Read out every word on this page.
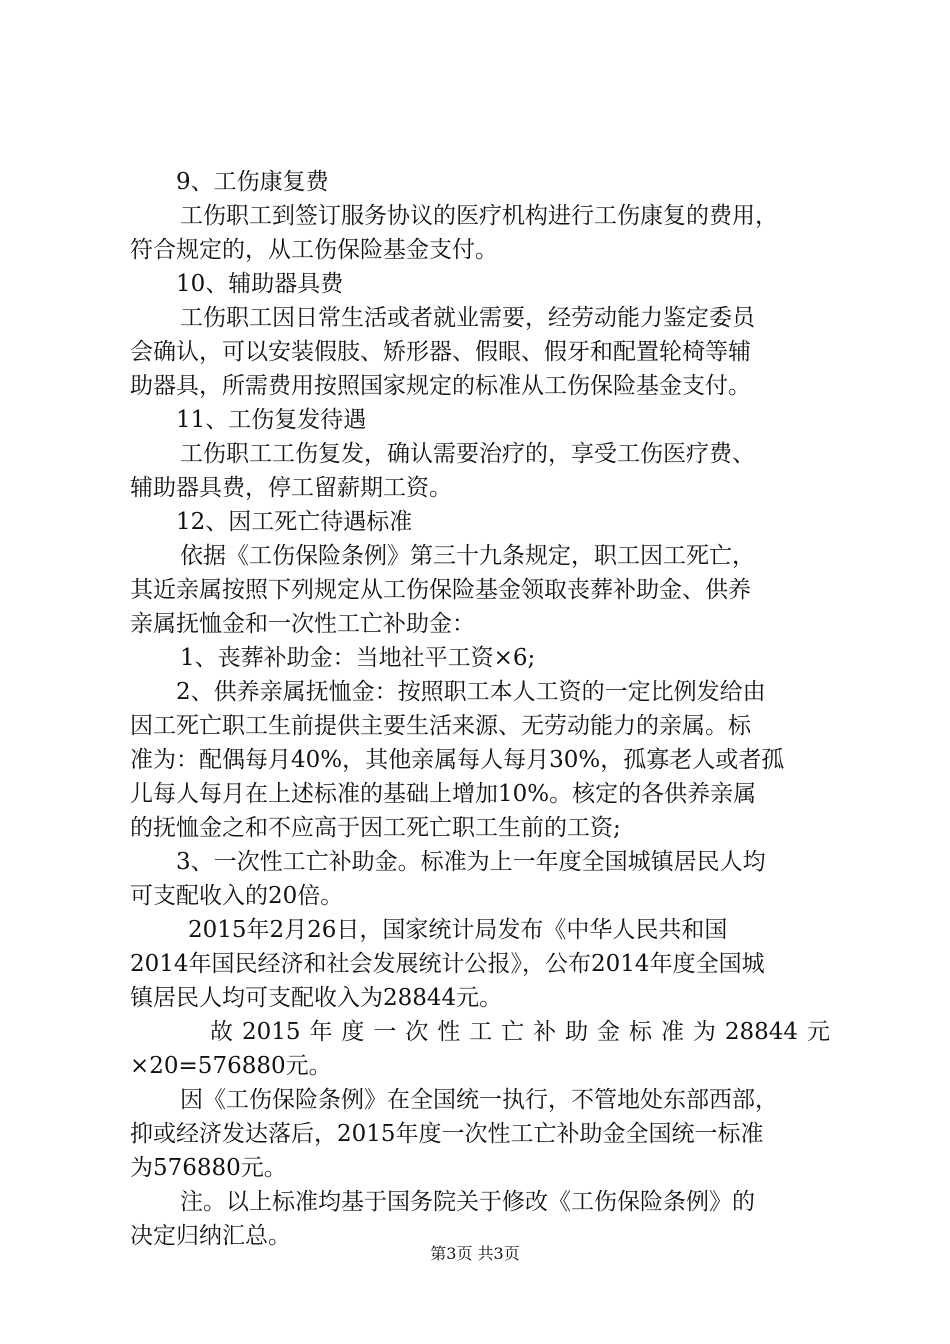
9、工伤康复费
工伤职工到签订服务协议的医疗机构进行工伤康复的费用，
符合规定的，从工伤保险基金支付。
10、辅助器具费
工伤职工因日常生活或者就业需要，经劳动能力鉴定委员
会确认，可以安装假肢、矫形器、假眼、假牙和配置轮椅等辅
助器具，所需费用按照国家规定的标准从工伤保险基金支付。
11、工伤复发待遇
工伤职工工伤复发，确认需要治疗的，享受工伤医疗费、
辅助器具费，停工留薪期工资。
12、因工死亡待遇标准
依据《工伤保险条例》第三十九条规定，职工因工死亡，
其近亲属按照下列规定从工伤保险基金领取丧葬补助金、供养
亲属抚恤金和一次性工亡补助金：
1、丧葬补助金：当地社平工资×6;
2、供养亲属抚恤金：按照职工本人工资的一定比例发给由
因工死亡职工生前提供主要生活来源、无劳动能力的亲属。标
准为：配偶每月40%，其他亲属每人每月30%，孤寡老人或者孤
儿每人每月在上述标准的基础上增加10%。核定的各供养亲属
的抚恤金之和不应高于因工死亡职工生前的工资;
3、一次性工亡补助金。标准为上一年度全国城镇居民人均
可支配收入的20倍。
2015年2月26日，国家统计局发布《中华人民共和国
2014年国民经济和社会发展统计公报》，公布2014年度全国城
镇居民人均可支配收入为28844元。
故2015年度一次性工亡补助金标准为28844元
×20=576880元。
因《工伤保险条例》在全国统一执行，不管地处东部西部，
抑或经济发达落后，2015年度一次性工亡补助金全国统一标准
为576880元。
注。以上标准均基于国务院关于修改《工伤保险条例》的
决定归纳汇总。
第3页 共3页
